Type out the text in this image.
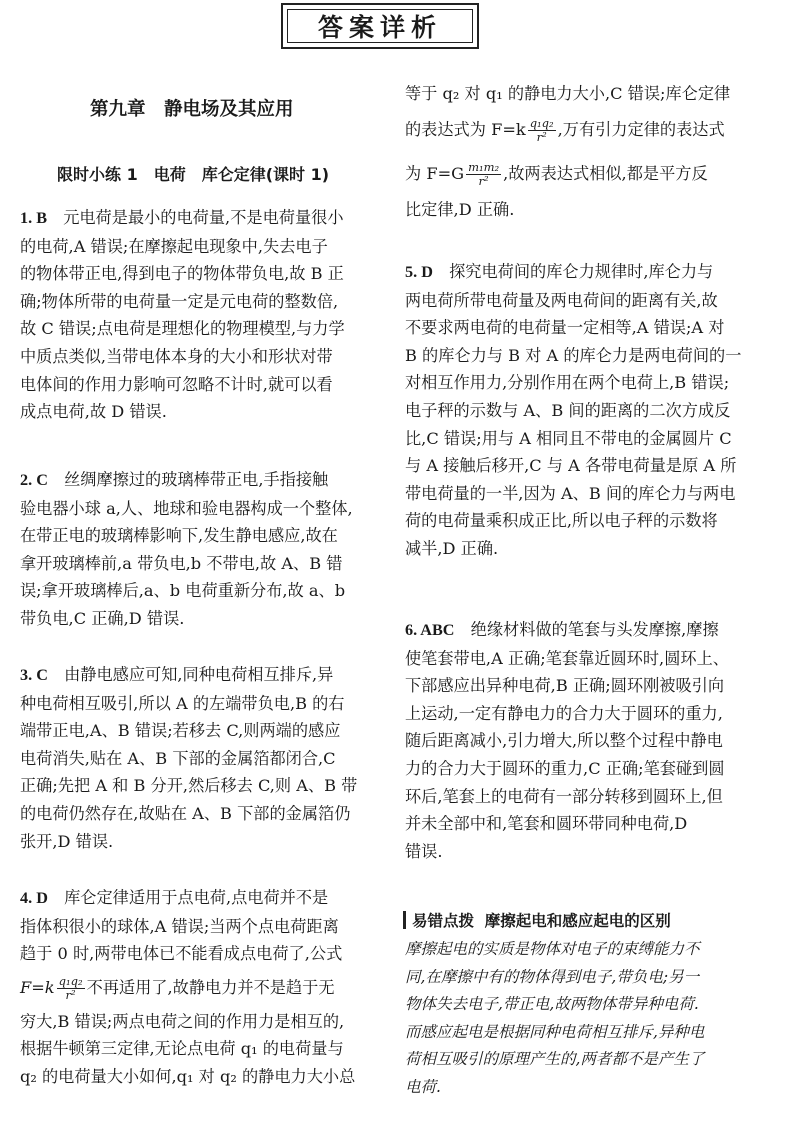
答案详析
第九章　静电场及其应用
限时小练 1　电荷　库仑定律(课时 1)
1. B　 元电荷是最小的电荷量,不是电荷量很小
的电荷,A 错误;在摩擦起电现象中,失去电子
的物体带正电,得到电子的物体带负电,故 B 正
确;物体所带的电荷量一定是元电荷的整数倍,
故 C 错误;点电荷是理想化的物理模型,与力学
中质点类似,当带电体本身的大小和形状对带
电体间的作用力影响可忽略不计时,就可以看
成点电荷,故 D 错误.
2. C　 丝绸摩擦过的玻璃棒带正电,手指接触
验电器小球 a,人、地球和验电器构成一个整体,
在带正电的玻璃棒影响下,发生静电感应,故在
拿开玻璃棒前,a 带负电,b 不带电,故 A、B 错
误;拿开玻璃棒后,a、b 电荷重新分布,故 a、b
带负电,C 正确,D 错误.
3. C　 由静电感应可知,同种电荷相互排斥,异
种电荷相互吸引,所以 A 的左端带负电,B 的右
端带正电,A、B 错误;若移去 C,则两端的感应
电荷消失,贴在 A、B 下部的金属箔都闭合,C
正确;先把 A 和 B 分开,然后移去 C,则 A、B 带
的电荷仍然存在,故贴在 A、B 下部的金属箔仍
张开,D 错误.
4. D　 库仑定律适用于点电荷,点电荷并不是
指体积很小的球体,A 错误;当两个点电荷距离
趋于 0 时,两带电体已不能看成点电荷了,公式
$F=k \frac{\text{q₁q₂}}{\text{r²}}$ 不再适用了,故静电力并不是趋于无
穷大,B 错误;两点电荷之间的作用力是相互的,
根据牛顿第三定律,无论点电荷 q₁ 的电荷量与
q₂ 的电荷量大小如何,q₁ 对 q₂ 的静电力大小总
等于 q₂ 对 q₁ 的静电力大小,C 错误;库仑定律
的表达式为 $F=k \frac{\text{q₁q₂}}{\text{r²}}$ ,万有引力定律的表达式
为 $F=G \frac{\text{m₁m₂}}{\text{r²}}$ ,故两表达式相似,都是平方反
比定律,D 正确.
5. D　 探究电荷间的库仑力规律时,库仑力与
两电荷所带电荷量及两电荷间的距离有关,故
不要求两电荷的电荷量一定相等,A 错误;A 对
B 的库仑力与 B 对 A 的库仑力是两电荷间的一
对相互作用力,分别作用在两个电荷上,B 错误;
电子秤的示数与 A、B 间的距离的二次方成反
比,C 错误;用与 A 相同且不带电的金属圆片 C
与 A 接触后移开,C 与 A 各带电荷量是原 A 所
带电荷量的一半,因为 A、B 间的库仑力与两电
荷的电荷量乘积成正比,所以电子秤的示数将
减半,D 正确.
6. ABC　 绝缘材料做的笔套与头发摩擦,摩擦
使笔套带电,A 正确;笔套靠近圆环时,圆环上、
下部感应出异种电荷,B 正确;圆环刚被吸引向
上运动,一定有静电力的合力大于圆环的重力,
随后距离减小,引力增大,所以整个过程中静电
力的合力大于圆环的重力,C 正确;笔套碰到圆
环后,笔套上的电荷有一部分转移到圆环上,但
并未全部中和,笔套和圆环带同种电荷,D
错误.
易错点拨  摩擦起电和感应起电的区别
摩擦起电的实质是物体对电子的束缚能力不
同,在摩擦中有的物体得到电子,带负电;另一
物体失去电子,带正电,故两物体带异种电荷.
而感应起电是根据同种电荷相互排斥,异种电
荷相互吸引的原理产生的,两者都不是产生了
电荷.
